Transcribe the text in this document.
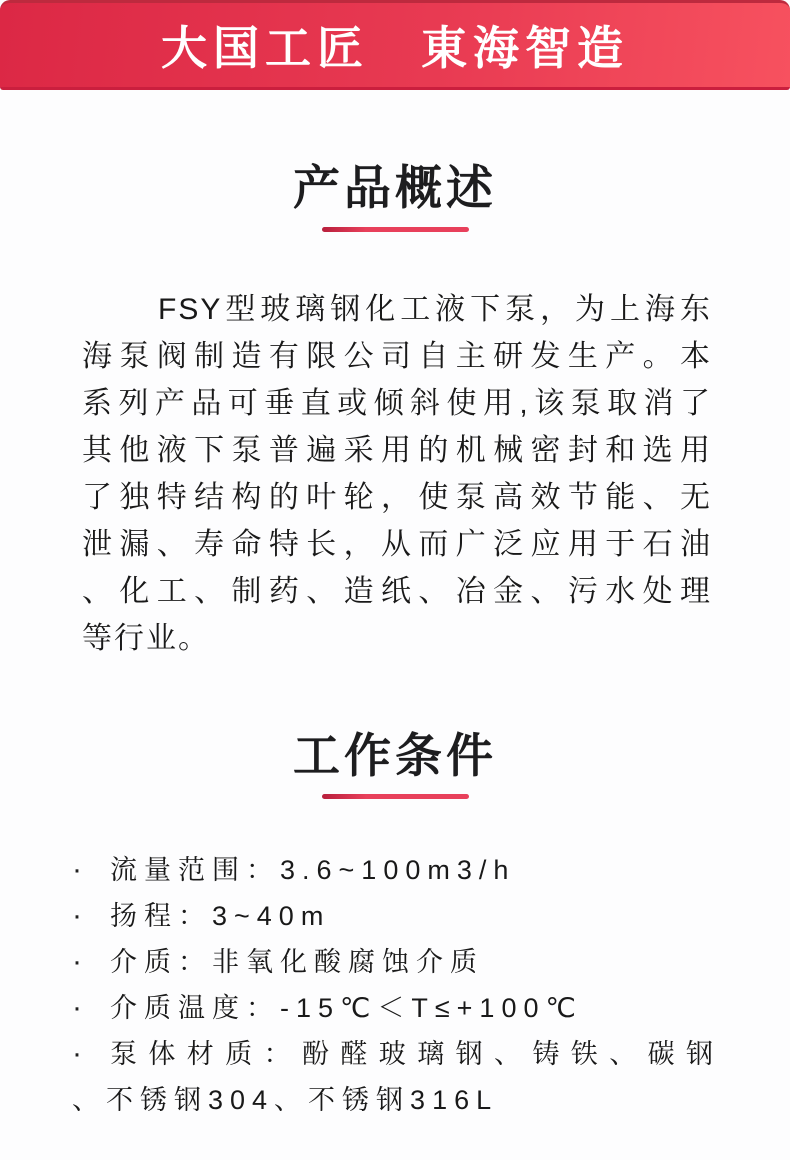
大国工匠　東海智造
产品概述
FSY型玻璃钢化工液下泵，为上海东
海泵阀制造有限公司自主研发生产。本
系列产品可垂直或倾斜使用,该泵取消了
其他液下泵普遍采用的机械密封和选用
了独特结构的叶轮，使泵高效节能、无
泄漏、寿命特长，从而广泛应用于石油
、化工、制药、造纸、冶金、污水处理
等行业。
工作条件
·	流量范围：3.6~100m3/h
·	扬程：3~40m
·	介质：非氧化酸腐蚀介质
·	介质温度：-15℃＜T≤+100℃
·	泵体材质：酚醛玻璃钢、铸铁、碳钢
、不锈钢304、不锈钢316L
